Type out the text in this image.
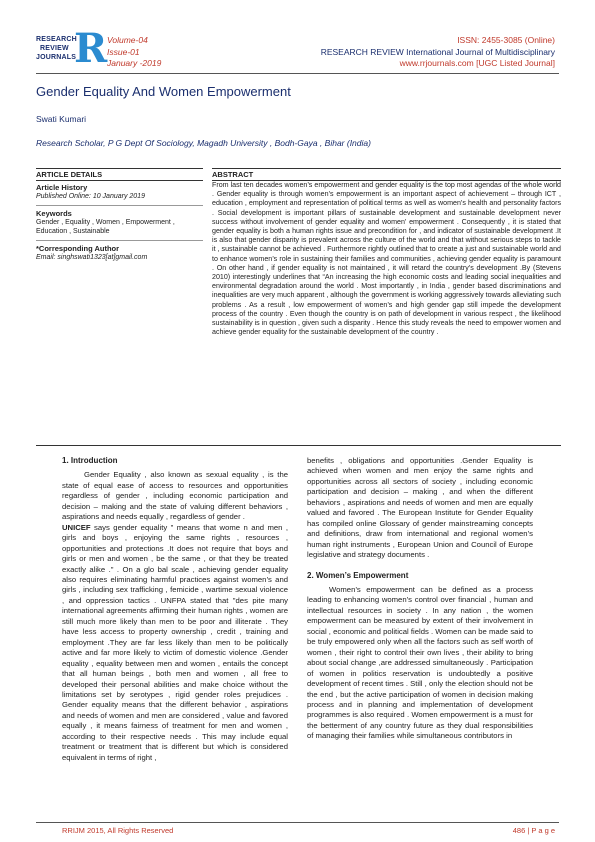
RESEARCH
REVIEW
JOURNALS
R Volume-04
Issue-01
January -2019
ISSN: 2455-3085 (Online)
RESEARCH REVIEW International Journal of Multidisciplinary
www.rrjournals.com [UGC Listed Journal]
Gender Equality And Women Empowerment
Swati Kumari
Research Scholar, P G Dept Of Sociology, Magadh University , Bodh-Gaya , Bihar (India)
ARTICLE DETAILS	ABSTRACT
Article History
Published Online: 10 January 2019
Keywords
Gender , Equality , Women , Empowerment , Education , Sustainable
*Corresponding Author
Email: singhswati1323[at]gmail.com
From last ten decades women’s empowerment and gender equality is the top most agendas of the whole world . Gender equality is through women’s empowerment is an important aspect of achievement – through ICT , education , employment and representation of political terms as well as women’s health and personality factors . Social development is important pillars of sustainable development and sustainable development never success without involvement of gender equality and women’ empowerment . Consequently , it is stated that gender equality is both a human rights issue and precondition for , and indicator of sustainable development .It is also that gender disparity is prevalent across the culture of the world and that without serious steps to tackle it , sustainable cannot be achieved . Furthermore rightly outlined that to create a just and sustainable world and to enhance women’s role in sustaining their families and communities , achieving gender equality is paramount . On other hand , if gender equality is not maintained , it will retard the country’s development .By (Stevens 2010) interestingly underlines that “An increasing the high economic costs and leading social inequalities and environmental degradation around the world . Most importantly , in India , gender based discriminations and inequalities are very much apparent , although the government is working aggressively towards alleviating such problems . As a result , low empowerment of women’s and high gender gap still impede the development process of the country . Even though the country is on path of development in various respect , the likelihood sustainability is in question , given such a disparity . Hence this study reveals the need to empower women and achieve gender equality for the sustainable development of the country .
1. Introduction

Gender Equality , also known as sexual equality , is the state of equal ease of access to resources and opportunities regardless of gender , including economic participation and decision – making and the state of valuing different behaviors , aspirations and needs equally , regardless of gender .
UNICEF says gender equality " means that wome n and men , girls and boys , enjoying the same rights , resources , opportunities and protections .It does not require that boys and girls or men and women , be the same , or that they be treated exactly alike ." . On a glo bal scale , achieving gender equality also requires eliminating harmful practices against women’s and girls , including sex trafficking , femicide , wartime sexual violence , and oppression tactics . UNFPA stated that "des pite many international agreements affirming their human rights , women are still much more likely than men to be poor and illiterate . They have less access to property ownership , credit , training and employment .They are far less likely than men to be politically active and far more likely to victim of domestic violence .Gender equality , equality between men and women , entails the concept that all human beings , both men and women , all free to developed their personal abilities and make choice without the limitations set by serotypes , rigid gender roles prejudices . Gender equality means that the different behavior , aspirations and needs of women and men are considered , value and favored equally , it means fairness of treatment for men and women , according to their respective needs . This may include equal treatment or treatment that is different but which is considered equivalent in terms of right ,

benefits , obligations and opportunities .Gender Equality is achieved when women and men enjoy the same rights and opportunities across all sectors of society , including economic participation and decision – making , and when the different behaviors , aspirations and needs of women and men are equally valued and favored . The European Institute for Gender Equality has compiled online Glossary of gender mainstreaming concepts and definitions, draw from international and regional women’s human right instruments , European Union and Council of Europe legislative and strategy documents .

2. Women’s Empowerment

Women’s empowerment can be defined as a process leading to enhancing women’s control over financial , human and intellectual resources in society . In any nation , the women empowerment can be measured by extent of their involvement in social , economic and political fields . Women can be made said to be truly empowered only when all the factors such as self worth of women , their right to control their own lives , their ability to bring about social change ,are addressed simultaneously . Participation of women in politics reservation is undoubtedly a positive development of recent times . Still , only the election should not be the end , but the active participation of women in decision making process and in planning and implementation of development programmes is also required . Women empowerment is a must for the betterment of any country future as they dual responsibilities of managing their families while simultaneous contributors in

RRIJM 2015, All Rights Reserved	486 | P a g e
